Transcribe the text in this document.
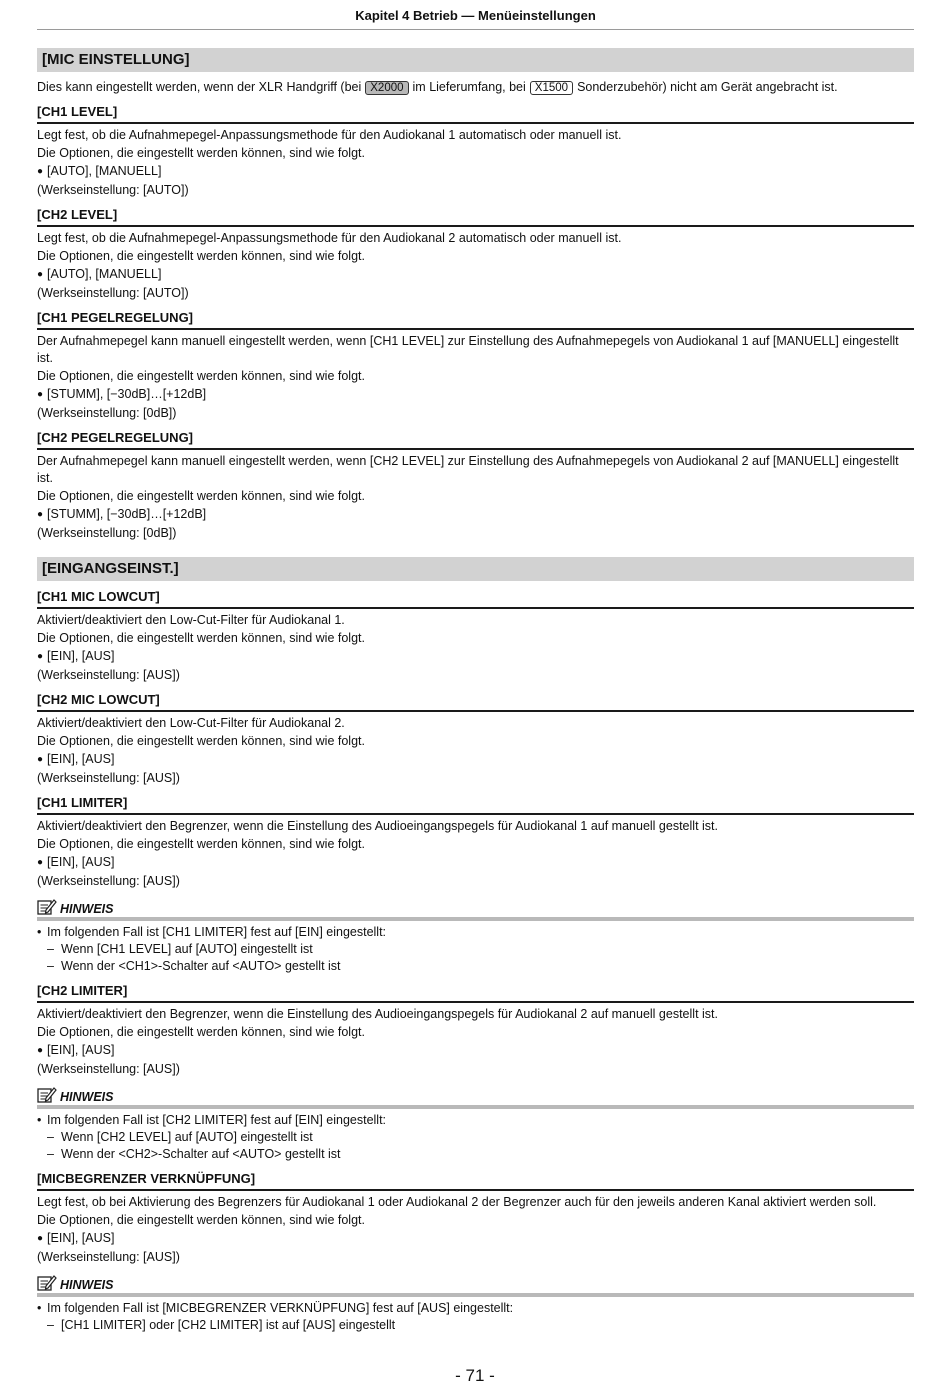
Kapitel 4 Betrieb — Menüeinstellungen
[MIC EINSTELLUNG]
Dies kann eingestellt werden, wenn der XLR Handgriff (bei X2000 im Lieferumfang, bei X1500 Sonderzubehör) nicht am Gerät angebracht ist.
[CH1 LEVEL]
Legt fest, ob die Aufnahmepegel-Anpassungsmethode für den Audiokanal 1 automatisch oder manuell ist.
Die Optionen, die eingestellt werden können, sind wie folgt.
● [AUTO], [MANUELL]
(Werkseinstellung: [AUTO])
[CH2 LEVEL]
Legt fest, ob die Aufnahmepegel-Anpassungsmethode für den Audiokanal 2 automatisch oder manuell ist.
Die Optionen, die eingestellt werden können, sind wie folgt.
● [AUTO], [MANUELL]
(Werkseinstellung: [AUTO])
[CH1 PEGELREGELUNG]
Der Aufnahmepegel kann manuell eingestellt werden, wenn [CH1 LEVEL] zur Einstellung des Aufnahmepegels von Audiokanal 1 auf [MANUELL] eingestellt ist.
Die Optionen, die eingestellt werden können, sind wie folgt.
● [STUMM], [−30dB]…[+12dB]
(Werkseinstellung: [0dB])
[CH2 PEGELREGELUNG]
Der Aufnahmepegel kann manuell eingestellt werden, wenn [CH2 LEVEL] zur Einstellung des Aufnahmepegels von Audiokanal 2 auf [MANUELL] eingestellt ist.
Die Optionen, die eingestellt werden können, sind wie folgt.
● [STUMM], [−30dB]…[+12dB]
(Werkseinstellung: [0dB])
[EINGANGSEINST.]
[CH1 MIC LOWCUT]
Aktiviert/deaktiviert den Low-Cut-Filter für Audiokanal 1.
Die Optionen, die eingestellt werden können, sind wie folgt.
● [EIN], [AUS]
(Werkseinstellung: [AUS])
[CH2 MIC LOWCUT]
Aktiviert/deaktiviert den Low-Cut-Filter für Audiokanal 2.
Die Optionen, die eingestellt werden können, sind wie folgt.
● [EIN], [AUS]
(Werkseinstellung: [AUS])
[CH1 LIMITER]
Aktiviert/deaktiviert den Begrenzer, wenn die Einstellung des Audioeingangspegels für Audiokanal 1 auf manuell gestellt ist.
Die Optionen, die eingestellt werden können, sind wie folgt.
● [EIN], [AUS]
(Werkseinstellung: [AUS])
HINWEIS
• Im folgenden Fall ist [CH1 LIMITER] fest auf [EIN] eingestellt:
– Wenn [CH1 LEVEL] auf [AUTO] eingestellt ist
– Wenn der <CH1>-Schalter auf <AUTO> gestellt ist
[CH2 LIMITER]
Aktiviert/deaktiviert den Begrenzer, wenn die Einstellung des Audioeingangspegels für Audiokanal 2 auf manuell gestellt ist.
Die Optionen, die eingestellt werden können, sind wie folgt.
● [EIN], [AUS]
(Werkseinstellung: [AUS])
HINWEIS
• Im folgenden Fall ist [CH2 LIMITER] fest auf [EIN] eingestellt:
– Wenn [CH2 LEVEL] auf [AUTO] eingestellt ist
– Wenn der <CH2>-Schalter auf <AUTO> gestellt ist
[MICBEGRENZER VERKNÜPFUNG]
Legt fest, ob bei Aktivierung des Begrenzers für Audiokanal 1 oder Audiokanal 2 der Begrenzer auch für den jeweils anderen Kanal aktiviert werden soll.
Die Optionen, die eingestellt werden können, sind wie folgt.
● [EIN], [AUS]
(Werkseinstellung: [AUS])
HINWEIS
• Im folgenden Fall ist [MICBEGRENZER VERKNÜPFUNG] fest auf [AUS] eingestellt:
– [CH1 LIMITER] oder [CH2 LIMITER] ist auf [AUS] eingestellt
- 71 -
